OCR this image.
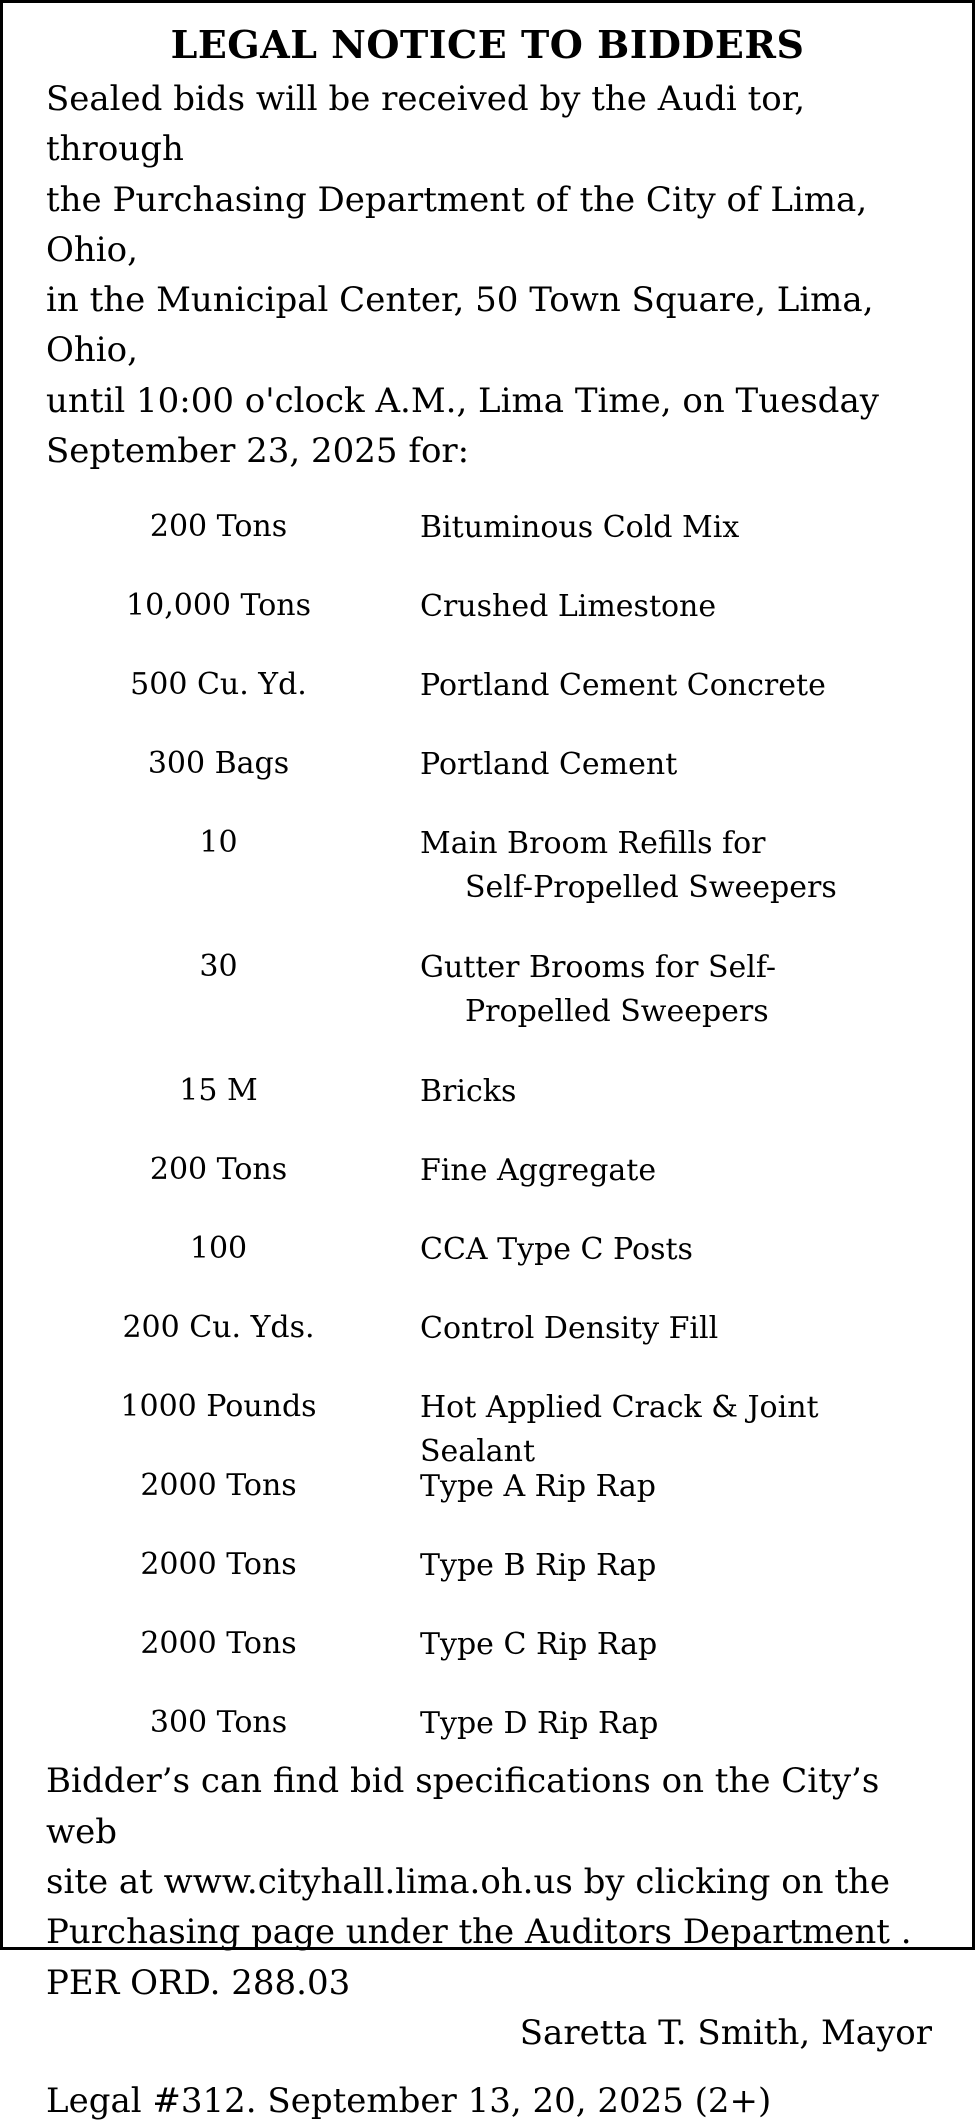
LEGAL NOTICE TO BIDDERS
Sealed bids will be received by the Audi tor, through
the Purchasing Department of the City of Lima, Ohio,
in the Municipal Center, 50 Town Square, Lima, Ohio,
until 10:00 o'clock A.M., Lima Time, on Tuesday
September 23, 2025 for:
200 Tons	Bituminous Cold Mix
10,000 Tons	Crushed Limestone
500 Cu. Yd.	Portland Cement Concrete
300 Bags	Portland Cement
10	Main Broom Refills for
Self-Propelled Sweepers
30	Gutter Brooms for Self-
Propelled Sweepers
15 M	Bricks
200 Tons	Fine Aggregate
100	CCA Type C Posts
200 Cu. Yds.	Control Density Fill
1000 Pounds	Hot Applied Crack & Joint Sealant
2000 Tons	Type A Rip Rap
2000 Tons	Type B Rip Rap
2000 Tons	Type C Rip Rap
300 Tons	Type D Rip Rap
Bidder’s can find bid specifications on the City’s web
site at www.cityhall.lima.oh.us by clicking on the
Purchasing page under the Auditors Department .
PER ORD. 288.03
Saretta T. Smith, Mayor
Legal #312. September 13, 20, 2025 (2+)
